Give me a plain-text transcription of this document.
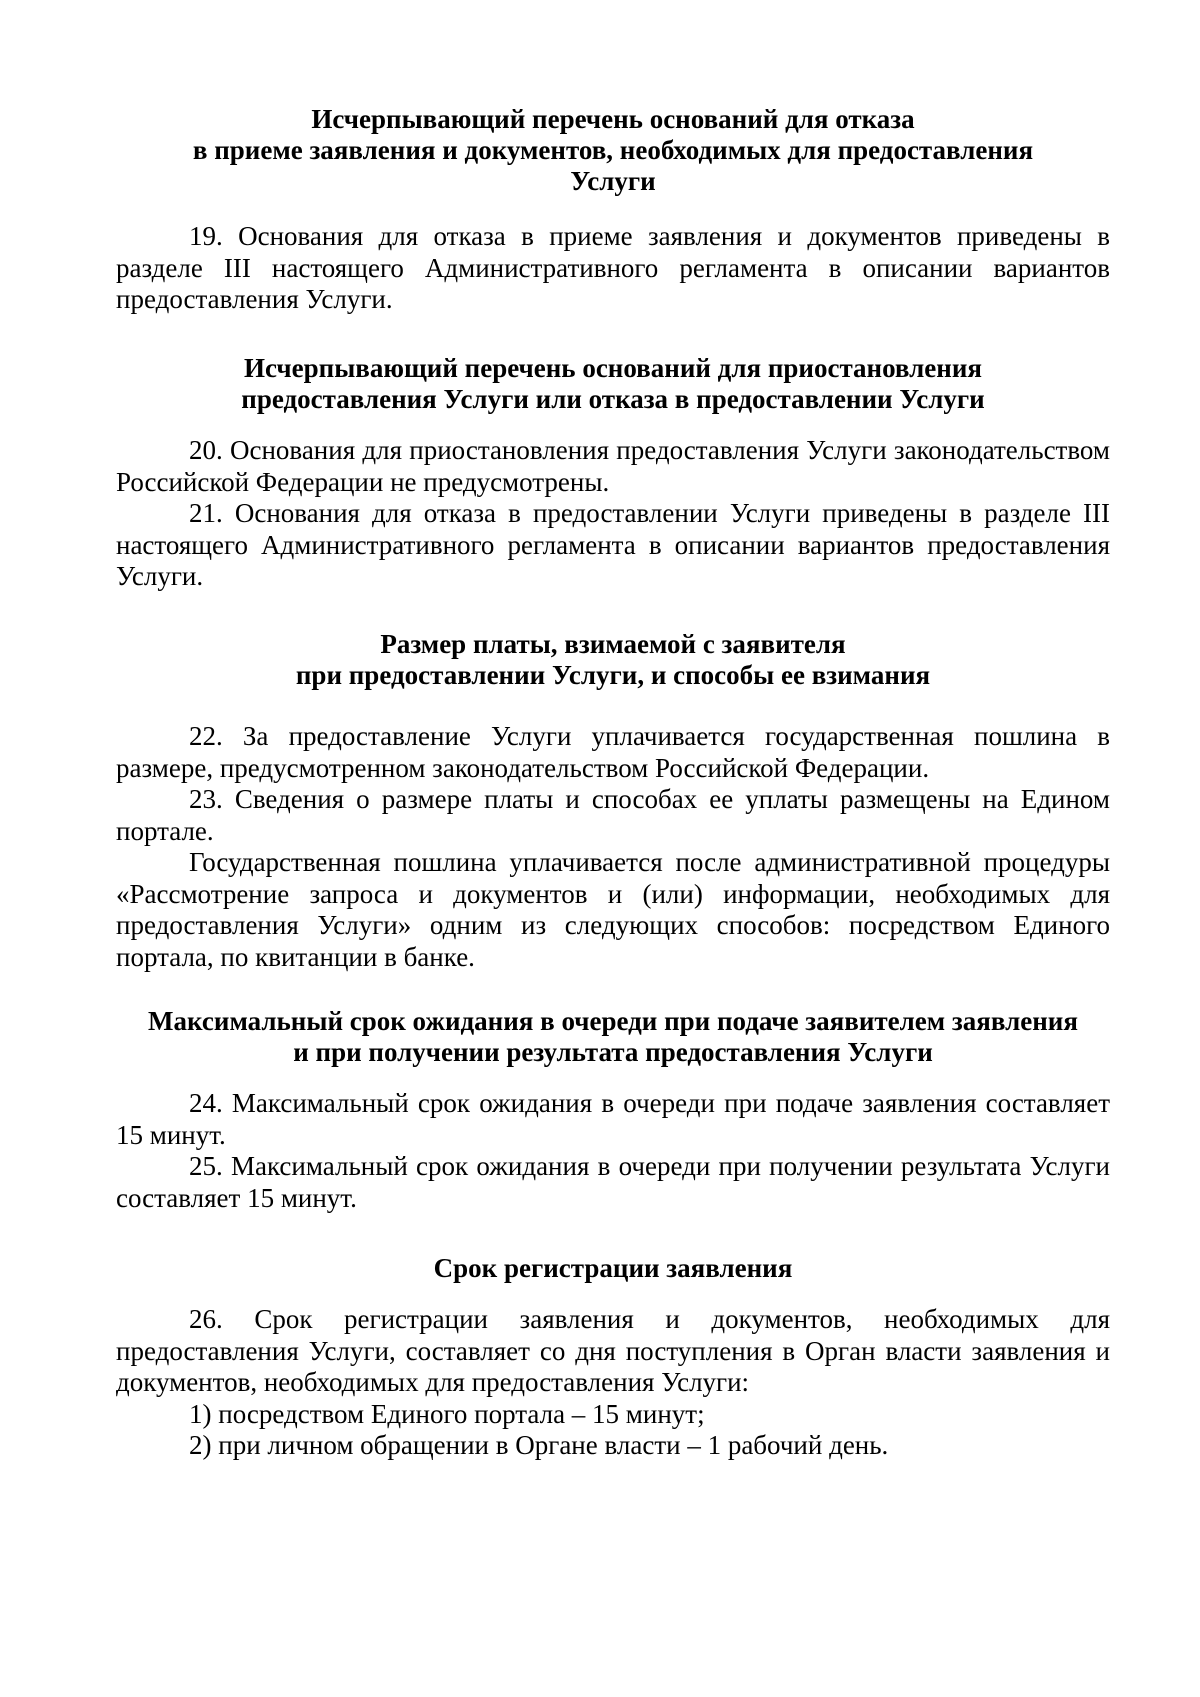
Исчерпывающий перечень оснований для отказа
в приеме заявления и документов, необходимых для предоставления
Услуги

19. Основания для отказа в приеме заявления и документов приведены в разделе III настоящего Административного регламента в описании вариантов предоставления Услуги.

Исчерпывающий перечень оснований для приостановления
предоставления Услуги или отказа в предоставлении Услуги

20. Основания для приостановления предоставления Услуги законодательством Российской Федерации не предусмотрены.

21. Основания для отказа в предоставлении Услуги приведены в разделе III настоящего Административного регламента в описании вариантов предоставления Услуги.

Размер платы, взимаемой с заявителя
при предоставлении Услуги, и способы ее взимания

22. За предоставление Услуги уплачивается государственная пошлина в размере, предусмотренном законодательством Российской Федерации.

23. Сведения о размере платы и способах ее уплаты размещены на Едином портале.

Государственная пошлина уплачивается после административной процедуры «Рассмотрение запроса и документов и (или) информации, необходимых для предоставления Услуги» одним из следующих способов: посредством Единого портала, по квитанции в банке.

Максимальный срок ожидания в очереди при подаче заявителем заявления
и при получении результата предоставления Услуги

24. Максимальный срок ожидания в очереди при подаче заявления составляет 15 минут.

25. Максимальный срок ожидания в очереди при получении результата Услуги составляет 15 минут.

Срок регистрации заявления

26. Срок регистрации заявления и документов, необходимых для предоставления Услуги, составляет со дня поступления в Орган власти заявления и документов, необходимых для предоставления Услуги:

1) посредством Единого портала – 15 минут;

2) при личном обращении в Органе власти – 1 рабочий день.
